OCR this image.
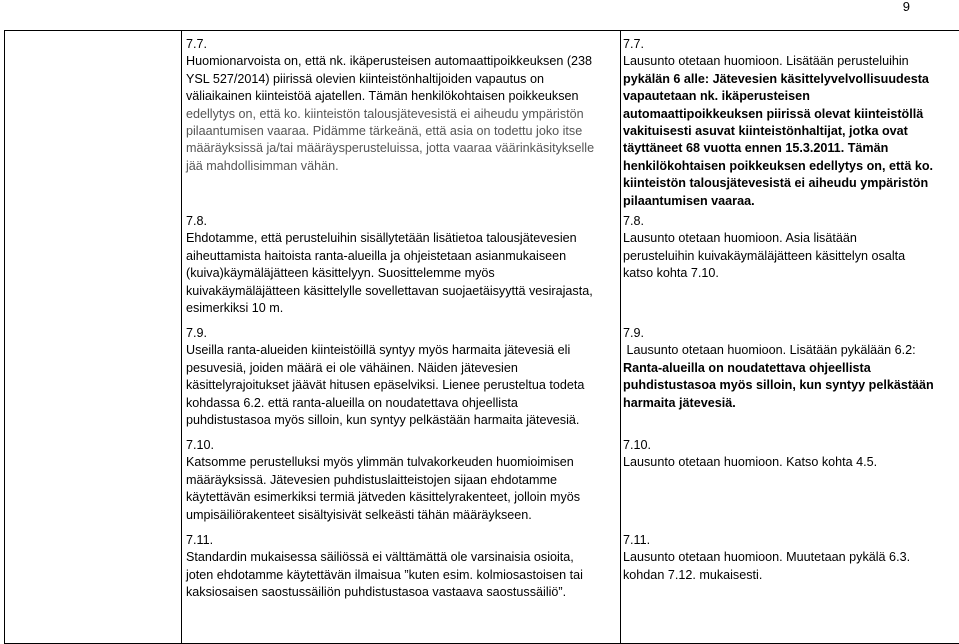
9

7.7.

Huomionarvoista on, että nk. ikäperusteisen automaattipoikkeuksen (238

YSL 527/2014) piirissä olevien kiinteistönhaltijoiden vapautus on

väliaikainen kiinteistöä ajatellen. Tämän henkilökohtaisen poikkeuksen

edellytys on, että ko. kiinteistön talousjätevesistä ei aiheudu ympäristön

pilaantumisen vaaraa. Pidämme tärkeänä, että asia on todettu joko itse

määräyksissä ja/tai määräysperusteluissa, jotta vaaraa väärinkäsitykselle

jää mahdollisimman vähän.

7.7.

Lausunto otetaan huomioon. Lisätään perusteluihin

pykälän 6 alle: Jätevesien käsittelyvelvollisuudesta

vapautetaan nk. ikäperusteisen

automaattipoikkeuksen piirissä olevat kiinteistöllä

vakituisesti asuvat kiinteistönhaltijat, jotka ovat

täyttäneet 68 vuotta ennen 15.3.2011. Tämän

henkilökohtaisen poikkeuksen edellytys on, että ko.

kiinteistön talousjätevesistä ei aiheudu ympäristön

pilaantumisen vaaraa.

7.8.

Ehdotamme, että perusteluihin sisällytetään lisätietoa talousjätevesien

aiheuttamista haitoista ranta-alueilla ja ohjeistetaan asianmukaiseen

(kuiva)käymäläjätteen käsittelyyn. Suosittelemme myös

kuivakäymäläjätteen käsittelylle sovellettavan suojaetäisyyttä vesirajasta,

esimerkiksi 10 m.

7.8.

Lausunto otetaan huomioon. Asia lisätään

perusteluihin kuivakäymäläjätteen käsittelyn osalta

katso kohta 7.10.

7.9.

Useilla ranta-alueiden kiinteistöillä syntyy myös harmaita jätevesiä eli

pesuvesiä, joiden määrä ei ole vähäinen. Näiden jätevesien

käsittelyrajoitukset jäävät hitusen epäselviksi. Lienee perusteltua todeta

kohdassa 6.2. että ranta-alueilla on noudatettava ohjeellista

puhdistustasoa myös silloin, kun syntyy pelkästään harmaita jätevesiä.

7.9.

Lausunto otetaan huomioon. Lisätään pykälään 6.2:

Ranta-alueilla on noudatettava ohjeellista

puhdistustasoa myös silloin, kun syntyy pelkästään

harmaita jätevesiä.

7.10.

Katsomme perustelluksi myös ylimmän tulvakorkeuden huomioimisen

määräyksissä. Jätevesien puhdistuslaitteistojen sijaan ehdotamme

käytettävän esimerkiksi termiä jätveden käsittelyrakenteet, jolloin myös

umpisäiliörakenteet sisältyisivät selkeästi tähän määräykseen.

7.10.

Lausunto otetaan huomioon. Katso kohta 4.5.

7.11.

Standardin mukaisessa säiliössä ei välttämättä ole varsinaisia osioita,

joten ehdotamme käytettävän ilmaisua ”kuten esim. kolmiosastoisen tai

kaksiosaisen saostussäiliön puhdistustasoa vastaava saostussäiliö”.

7.11.

Lausunto otetaan huomioon. Muutetaan pykälä 6.3.

kohdan 7.12. mukaisesti.
